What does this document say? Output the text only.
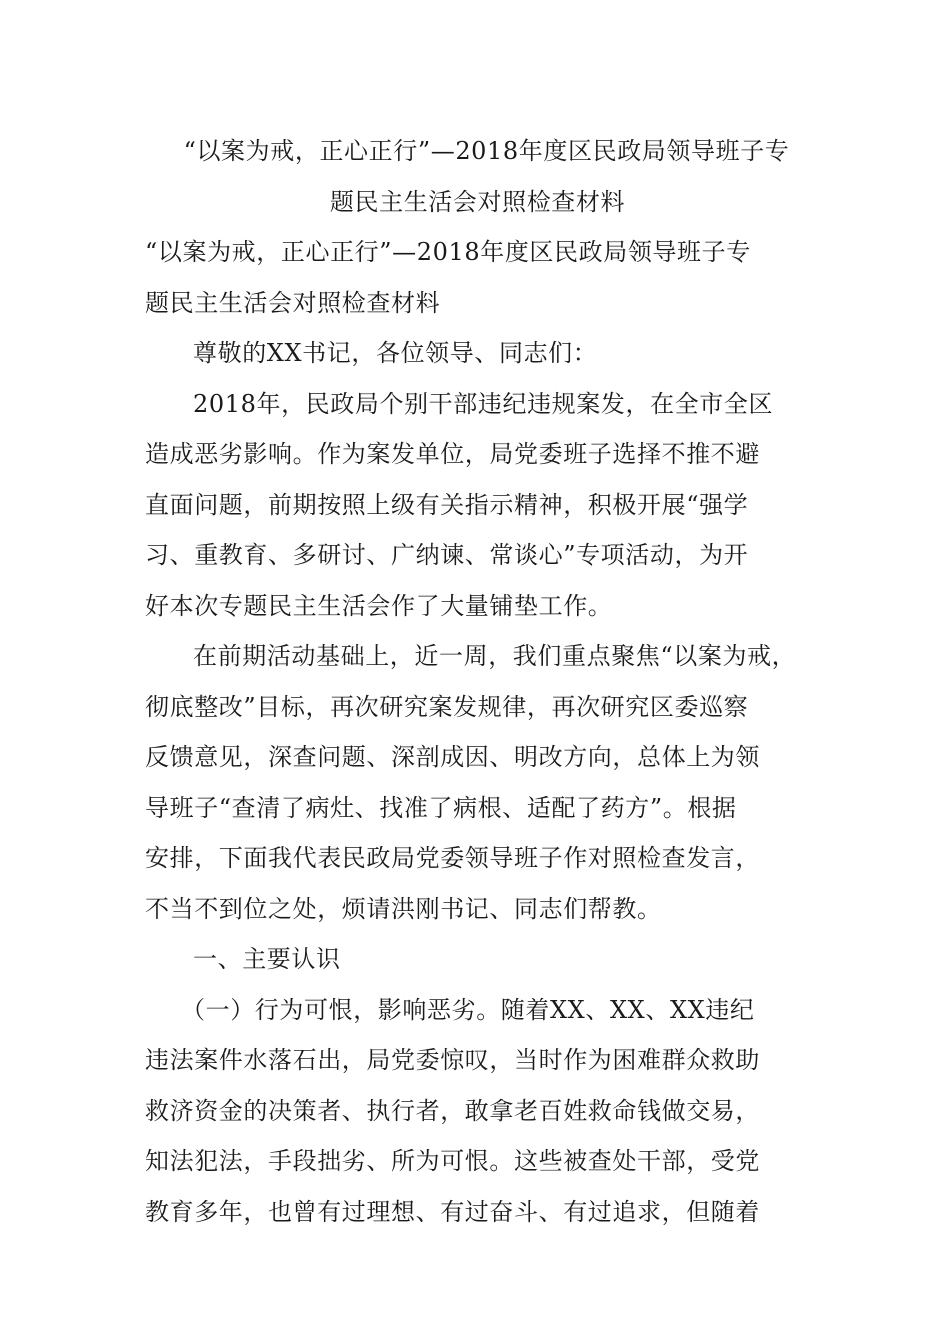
“以案为戒，正心正行”—2018年度区民政局领导班子专

题民主生活会对照检查材料

“以案为戒，正心正行”—2018年度区民政局领导班子专
题民主生活会对照检查材料

尊敬的XX书记，各位领导、同志们：

2018年，民政局个别干部违纪违规案发，在全市全区
造成恶劣影响。作为案发单位，局党委班子选择不推不避
直面问题，前期按照上级有关指示精神，积极开展“强学
习、重教育、多研讨、广纳谏、常谈心”专项活动，为开
好本次专题民主生活会作了大量铺垫工作。

在前期活动基础上，近一周，我们重点聚焦“以案为戒，
彻底整改”目标，再次研究案发规律，再次研究区委巡察
反馈意见，深查问题、深剖成因、明改方向，总体上为领
导班子“查清了病灶、找准了病根、适配了药方”。根据
安排，下面我代表民政局党委领导班子作对照检查发言，
不当不到位之处，烦请洪刚书记、同志们帮教。

一、主要认识

（一）行为可恨，影响恶劣。随着XX、XX、XX违纪
违法案件水落石出，局党委惊叹，当时作为困难群众救助
救济资金的决策者、执行者，敢拿老百姓救命钱做交易，
知法犯法，手段拙劣、所为可恨。这些被查处干部，受党
教育多年，也曾有过理想、有过奋斗、有过追求，但随着
